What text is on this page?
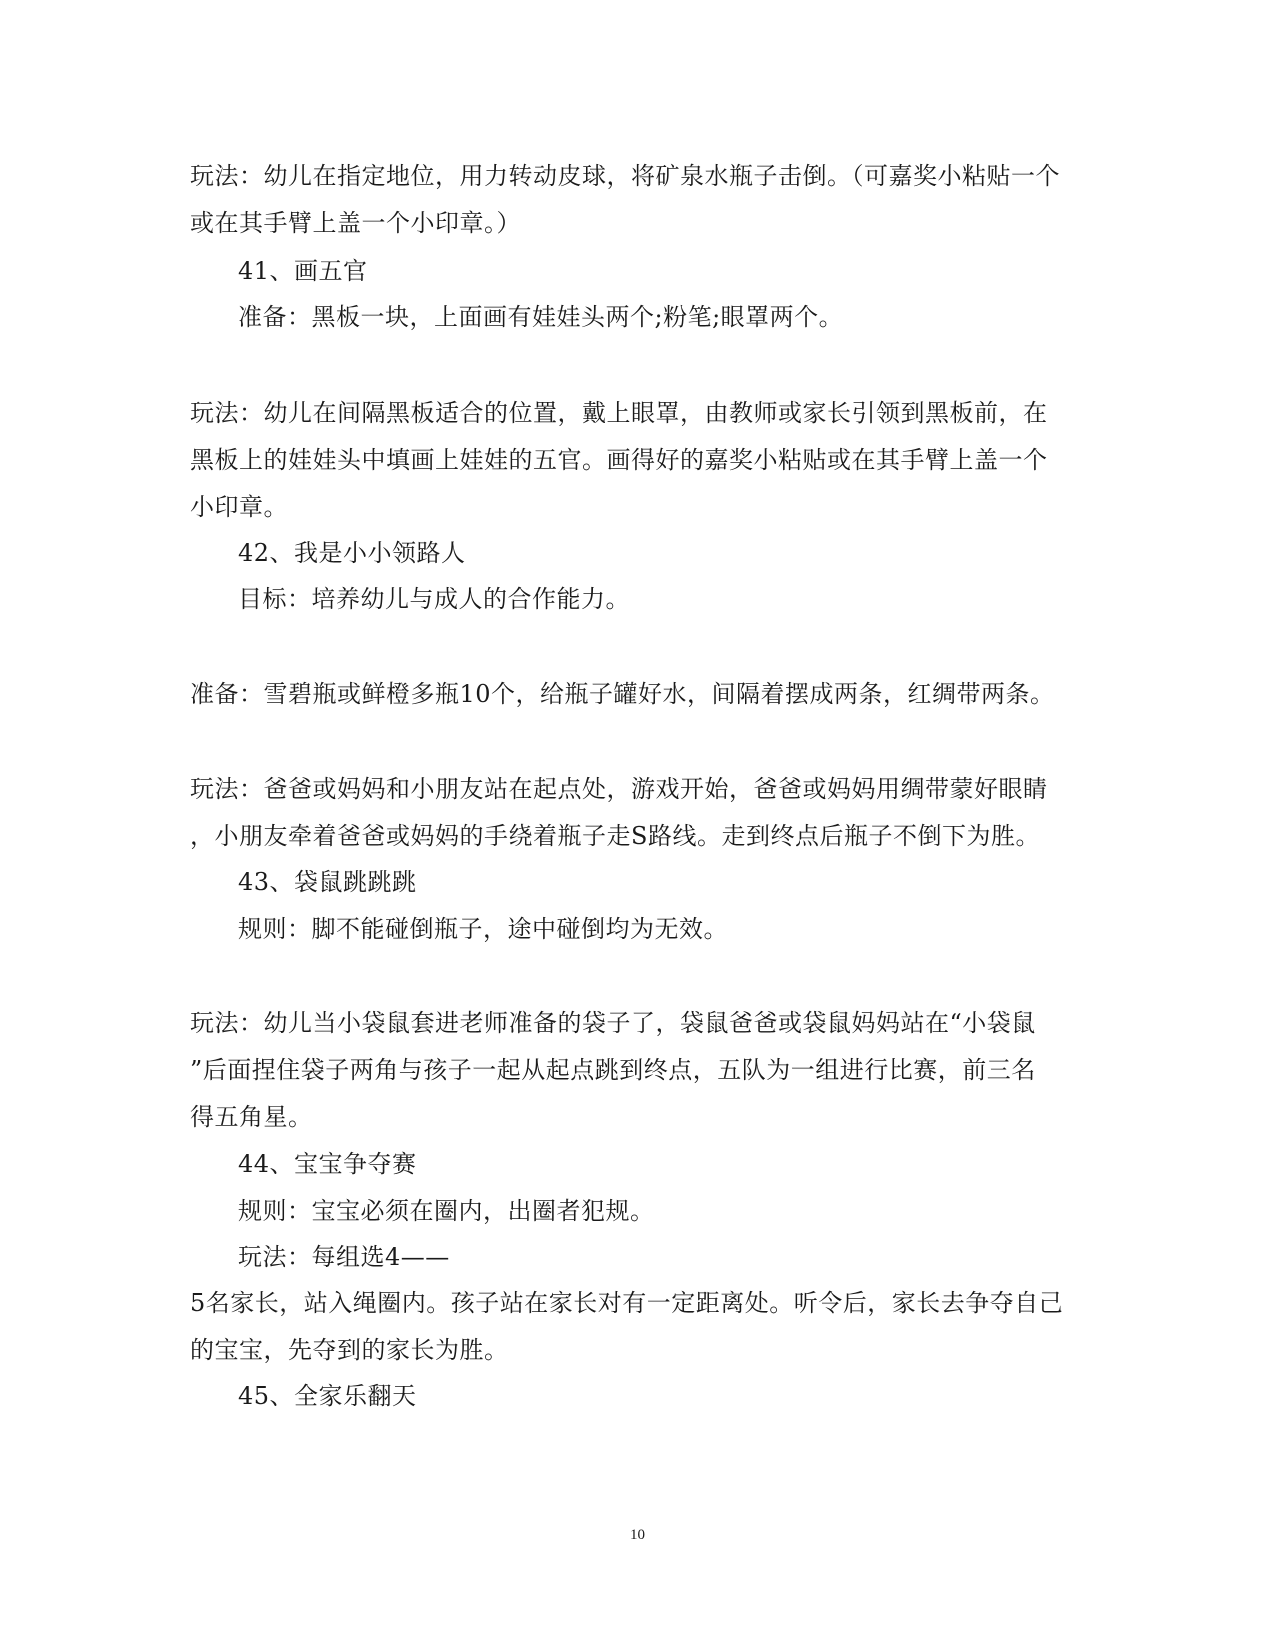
玩法：幼儿在指定地位，用力转动皮球，将矿泉水瓶子击倒。（可嘉奖小粘贴一个
或在其手臂上盖一个小印章。）
41、画五官
准备：黑板一块，上面画有娃娃头两个;粉笔;眼罩两个。
玩法：幼儿在间隔黑板适合的位置，戴上眼罩，由教师或家长引领到黑板前，在
黑板上的娃娃头中填画上娃娃的五官。画得好的嘉奖小粘贴或在其手臂上盖一个
小印章。
42、我是小小领路人
目标：培养幼儿与成人的合作能力。
准备：雪碧瓶或鲜橙多瓶10个，给瓶子罐好水，间隔着摆成两条，红绸带两条。
玩法：爸爸或妈妈和小朋友站在起点处，游戏开始，爸爸或妈妈用绸带蒙好眼睛
，小朋友牵着爸爸或妈妈的手绕着瓶子走S路线。走到终点后瓶子不倒下为胜。
43、袋鼠跳跳跳
规则：脚不能碰倒瓶子，途中碰倒均为无效。
玩法：幼儿当小袋鼠套进老师准备的袋子了，袋鼠爸爸或袋鼠妈妈站在“小袋鼠
”后面捏住袋子两角与孩子一起从起点跳到终点，五队为一组进行比赛，前三名
得五角星。
44、宝宝争夺赛
规则：宝宝必须在圈内，出圈者犯规。
玩法：每组选4——
5名家长，站入绳圈内。孩子站在家长对有一定距离处。听令后，家长去争夺自己
的宝宝，先夺到的家长为胜。
45、全家乐翻天
10
